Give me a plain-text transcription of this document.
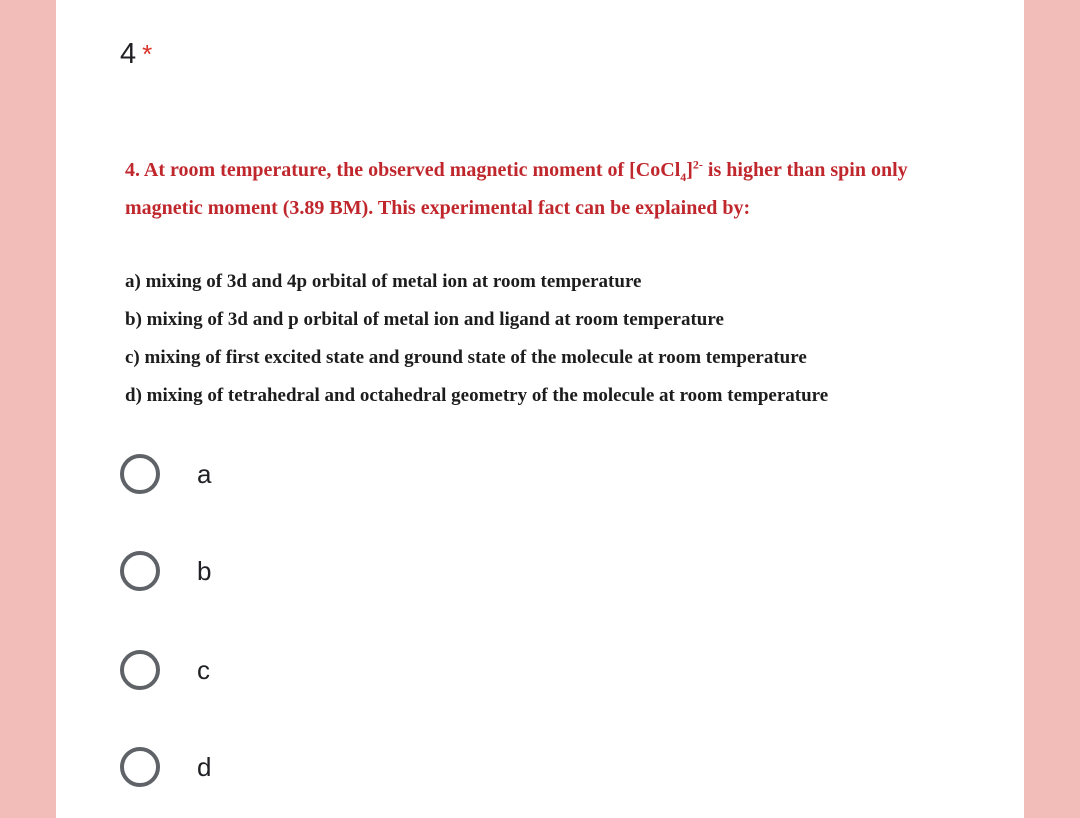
4 *
4. At room temperature, the observed magnetic moment of [CoCl$_4$]$^{2-}$ is higher than spin only magnetic moment (3.89 BM). This experimental fact can be explained by:
a) mixing of 3d and 4p orbital of metal ion at room temperature
b) mixing of 3d and p orbital of metal ion and ligand at room temperature
c) mixing of first excited state and ground state of the molecule at room temperature
d) mixing of tetrahedral and octahedral geometry of the molecule at room temperature
a
b
c
d
